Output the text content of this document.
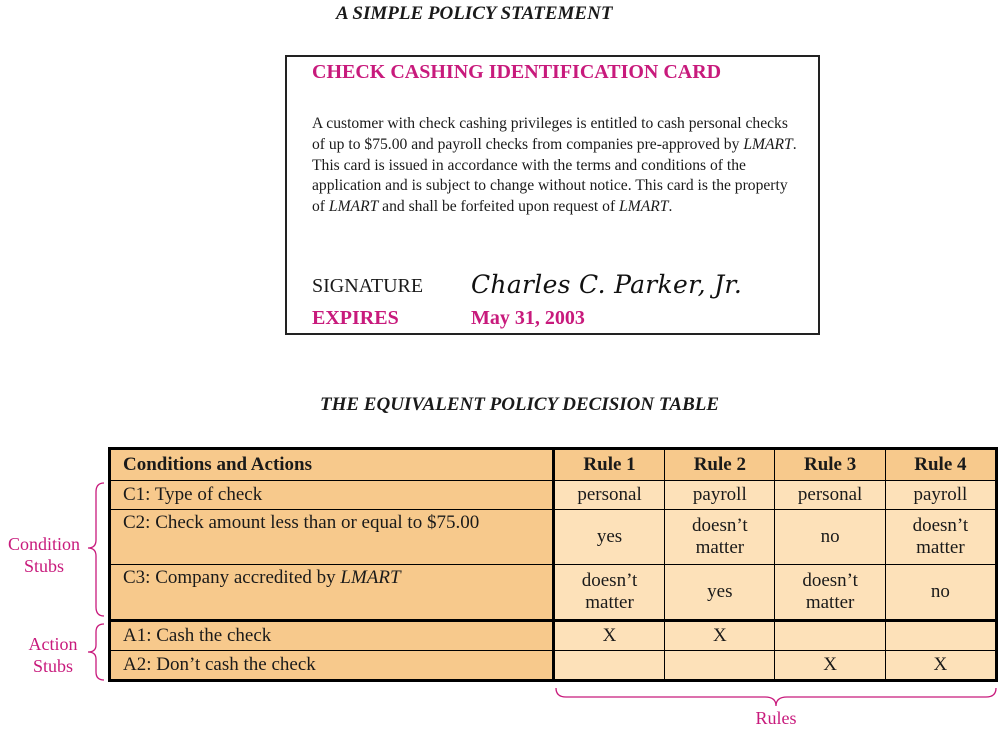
A SIMPLE POLICY STATEMENT
CHECK CASHING IDENTIFICATION CARD
A customer with check cashing privileges is entitled to cash personal checks of up to $75.00 and payroll checks from companies pre-approved by LMART. This card is issued in accordance with the terms and conditions of the application and is subject to change without notice. This card is the property of LMART and shall be forfeited upon request of LMART.
SIGNATURE Charles C. Parker, Jr.
EXPIRES	May 31, 2003
THE EQUIVALENT POLICY DECISION TABLE
Conditions and Actions	Rule 1	Rule 2	Rule 3	Rule 4
C1: Type of check	personal	payroll	personal	payroll
C2: Check amount less than or equal to $75.00	yes	doesn’t matter	no	doesn’t matter
C3: Company accredited by LMART	doesn’t matter	yes	doesn’t matter	no
A1: Cash the check	X	X		
A2: Don’t cash the check			X	X
Condition
Stubs
Action
Stubs
Rules
